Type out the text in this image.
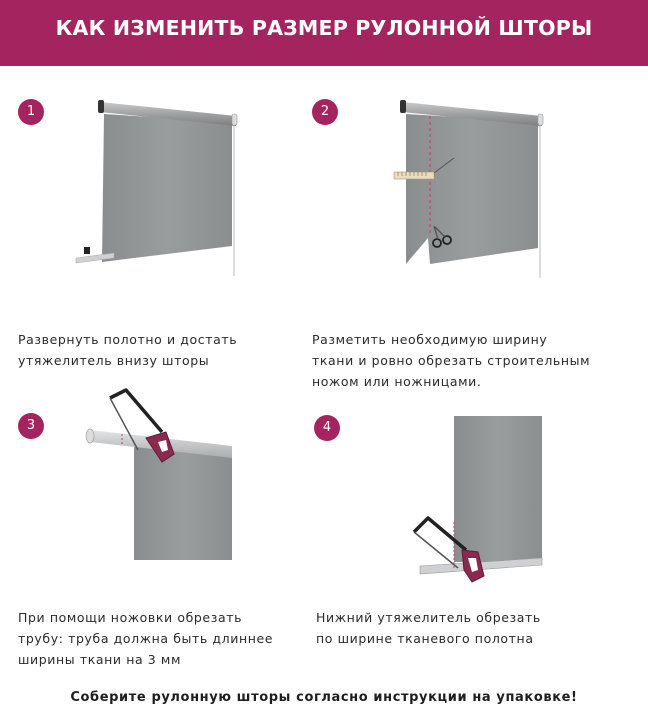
КАК ИЗМЕНИТЬ РАЗМЕР РУЛОННОЙ ШТОРЫ
1
Развернуть полотно и достать
утяжелитель внизу шторы
2
Разметить необходимую ширину
ткани и ровно обрезать строительным
ножом или ножницами.
3
При помощи ножовки обрезать
трубу: труба должна быть длиннее
ширины ткани на 3 мм
4
Нижний утяжелитель обрезать
по ширине тканевого полотна
Соберите рулонную шторы согласно инструкции на упаковке!
